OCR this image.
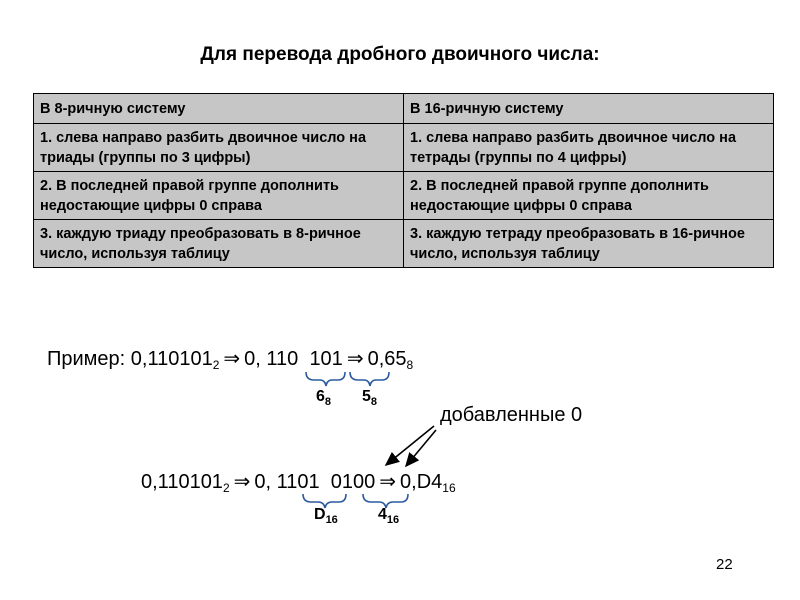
Для перевода дробного двоичного числа:
В 8-ричную систему	В 16-ричную систему
1. слева направо разбить двоичное число на триады (группы по 3 цифры)	1. слева направо разбить двоичное число на тетрады (группы по 4 цифры)
2. В последней правой группе дополнить недостающие цифры 0 справа	2. В последней правой группе дополнить недостающие цифры 0 справа
3. каждую триаду преобразовать в 8-ричное число, используя таблицу	3. каждую тетраду преобразовать в 16-ричное число, используя таблицу
Пример: $0,110101_2$ ⇒ 0, 110 101 ⇒ $0,65_8$
$6_8$ $5_8$
добавленные 0
$0,110101_2$ ⇒ 0, 1101 0100 ⇒ $0,D4_{16}$
$D_{16}$	$4_{16}$
22
